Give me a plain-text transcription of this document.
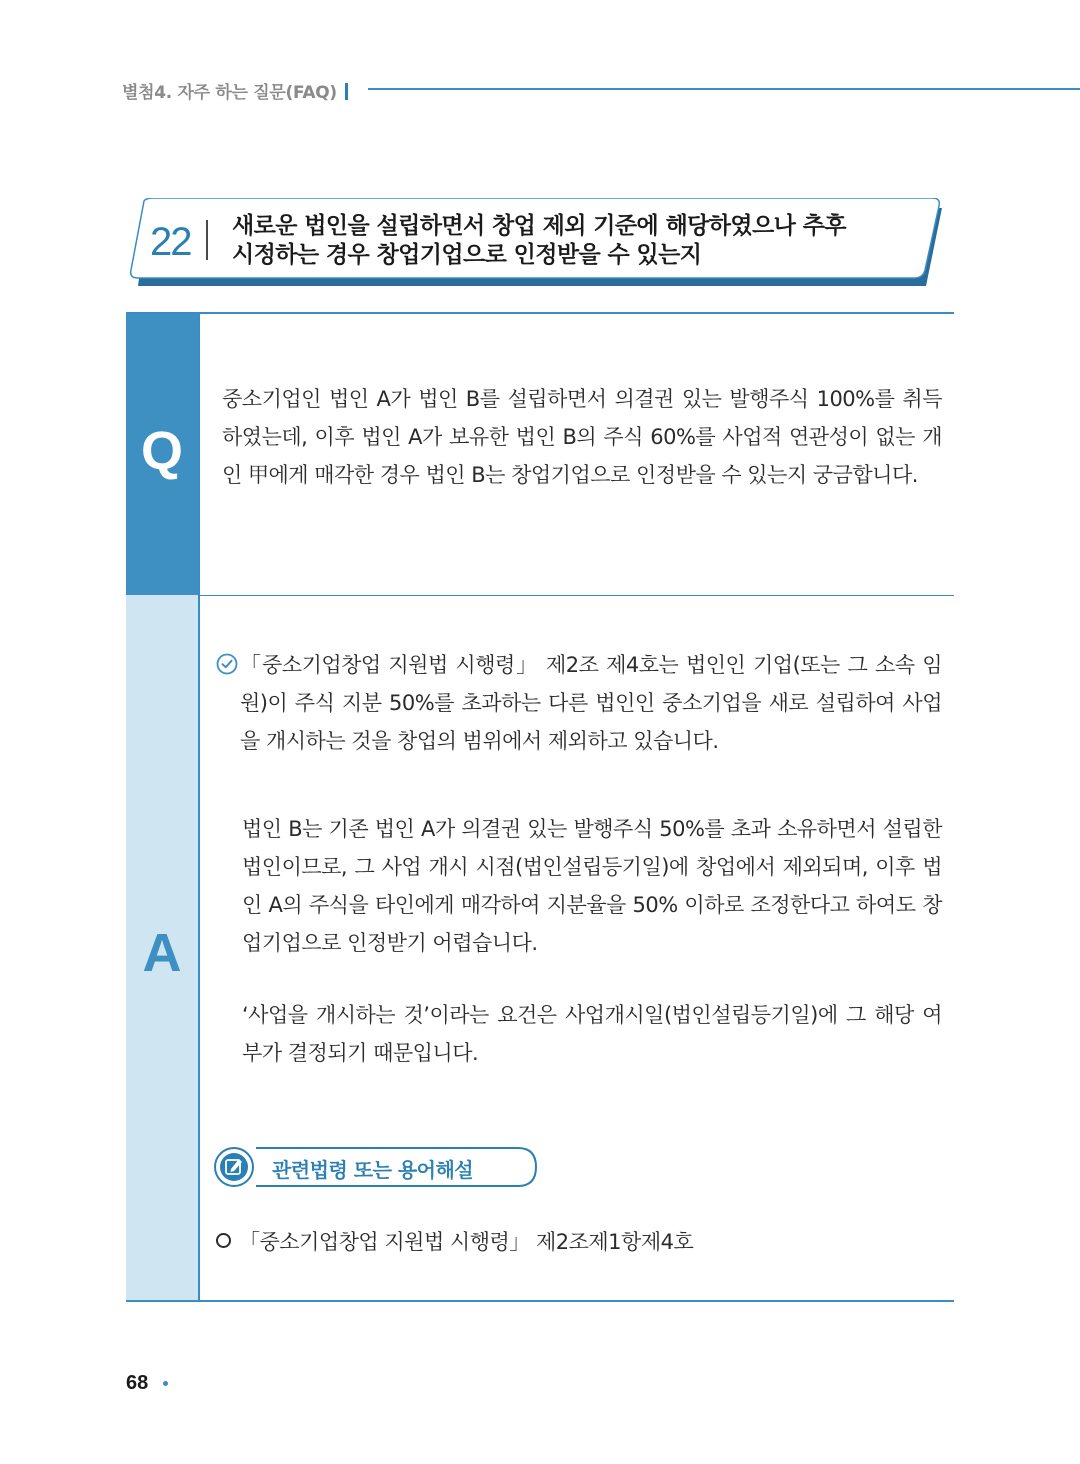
별첨4. 자주 하는 질문(FAQ)
22 새로운 법인을 설립하면서 창업 제외 기준에 해당하였으나 추후
시정하는 경우 창업기업으로 인정받을 수 있는지
Q
A
중소기업인 법인 A가 법인 B를 설립하면서 의결권 있는 발행주식 100%를 취득하였는데, 이후 법인 A가 보유한 법인 B의 주식 60%를 사업적 연관성이 없는 개인 甲에게 매각한 경우 법인 B는 창업기업으로 인정받을 수 있는지 궁금합니다.
「중소기업창업 지원법 시행령」 제2조 제4호는 법인인 기업(또는 그 소속 임원)이 주식 지분 50%를 초과하는 다른 법인인 중소기업을 새로 설립하여 사업을 개시하는 것을 창업의 범위에서 제외하고 있습니다.
법인 B는 기존 법인 A가 의결권 있는 발행주식 50%를 초과 소유하면서 설립한 법인이므로, 그 사업 개시 시점(법인설립등기일)에 창업에서 제외되며, 이후 법인 A의 주식을 타인에게 매각하여 지분율을 50% 이하로 조정한다고 하여도 창업기업으로 인정받기 어렵습니다.
‘사업을 개시하는 것’이라는 요건은 사업개시일(법인설립등기일)에 그 해당 여부가 결정되기 때문입니다.
관련법령 또는 용어해설
「중소기업창업 지원법 시행령」 제2조제1항제4호
68
